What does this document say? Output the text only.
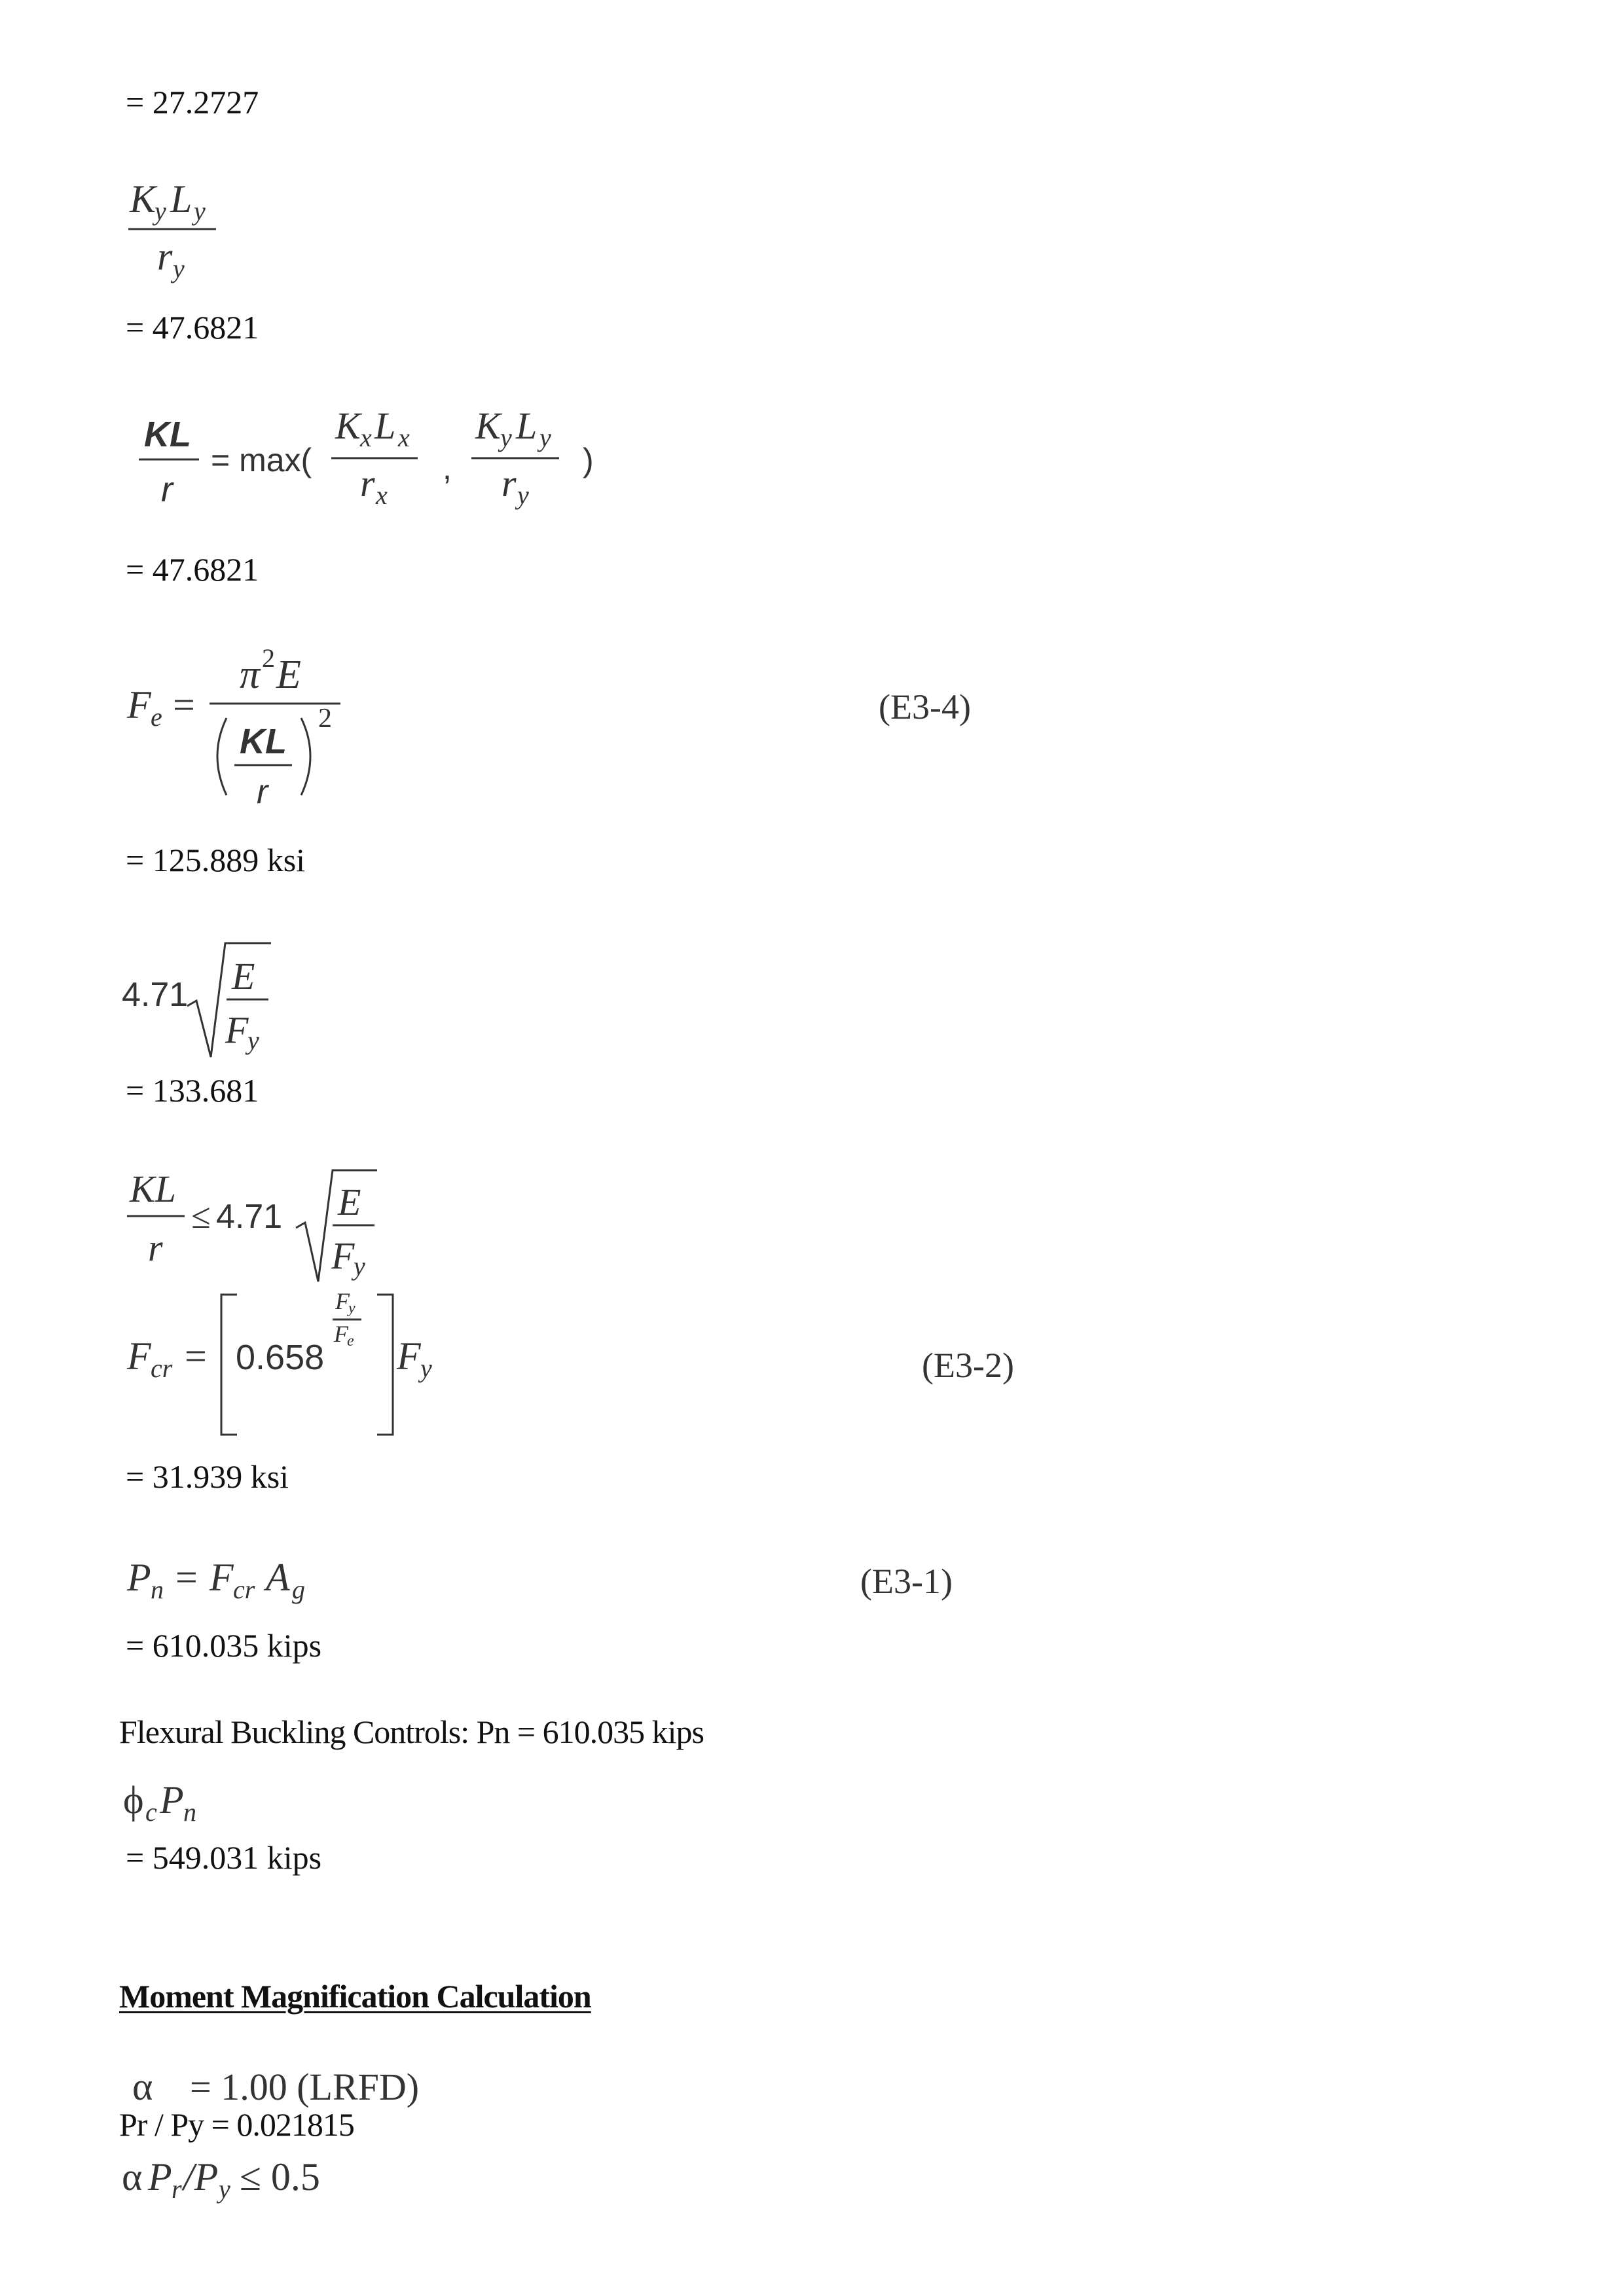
= 27.2727
K
y L y
r y
= 47.6821
KL
r
= max(
K x L x
r x
,
K y L y
r y
)
= 47.6821
F e =
π 2 E
KL
r
2	(E3-4)
= 125.889 ksi
4.71 E
F
y
= 133.681
KL
r
≤ 4.71 E
F
y
F cr = 0.658
F
y
F
e F y	(E3-2)
= 31.939 ksi
P n = F cr A g	(E3-1)
= 610.035 kips
Flexural Buckling Controls: Pn = 610.035 kips
ϕ c P n
= 549.031 kips
Moment Magnification Calculation
α = 1.00 (LRFD)
Pr / Py = 0.021815
α P r /P y ≤ 0.5
